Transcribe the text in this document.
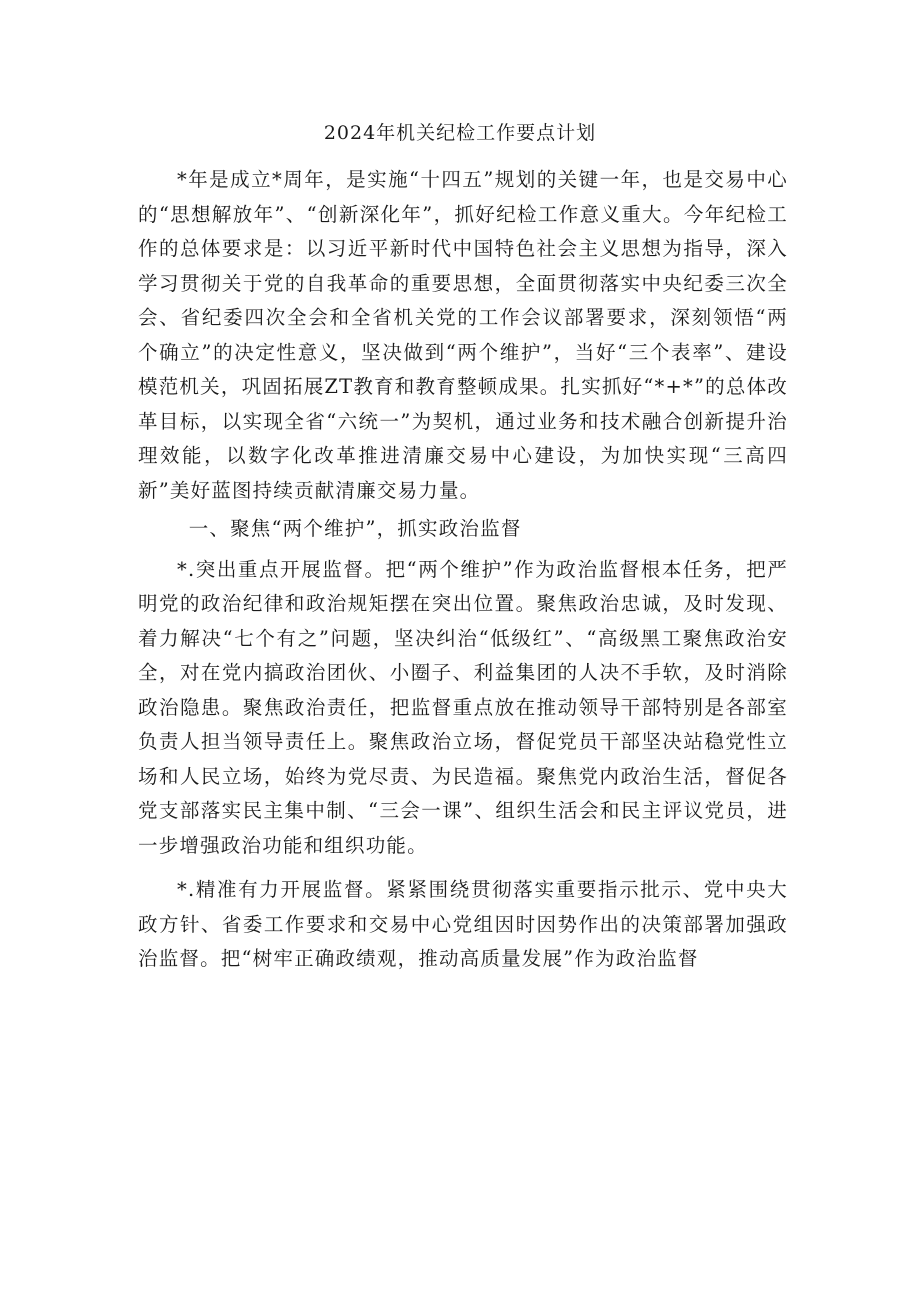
2024年机关纪检工作要点计划

*年是成立*周年，是实施“十四五”规划的关键一年，也是交易中心的“思想解放年”、“创新深化年”，抓好纪检工作意义重大。今年纪检工作的总体要求是：以习近平新时代中国特色社会主义思想为指导，深入学习贯彻关于党的自我革命的重要思想，全面贯彻落实中央纪委三次全会、省纪委四次全会和全省机关党的工作会议部署要求，深刻领悟“两个确立”的决定性意义，坚决做到“两个维护”，当好“三个表率”、建设模范机关，巩固拓展ZT教育和教育整顿成果。扎实抓好“*+*”的总体改革目标，以实现全省“六统一”为契机，通过业务和技术融合创新提升治理效能，以数字化改革推进清廉交易中心建设，为加快实现“三高四新”美好蓝图持续贡献清廉交易力量。

一、聚焦“两个维护”，抓实政治监督

*.突出重点开展监督。把“两个维护”作为政治监督根本任务，把严明党的政治纪律和政治规矩摆在突出位置。聚焦政治忠诚，及时发现、着力解决“七个有之”问题，坚决纠治“低级红”、“高级黑工聚焦政治安全，对在党内搞政治团伙、小圈子、利益集团的人决不手软，及时消除政治隐患。聚焦政治责任，把监督重点放在推动领导干部特别是各部室负责人担当领导责任上。聚焦政治立场，督促党员干部坚决站稳党性立场和人民立场，始终为党尽责、为民造福。聚焦党内政治生活，督促各党支部落实民主集中制、“三会一课”、组织生活会和民主评议党员，进一步增强政治功能和组织功能。

*.精准有力开展监督。紧紧围绕贯彻落实重要指示批示、党中央大政方针、省委工作要求和交易中心党组因时因势作出的决策部署加强政治监督。把“树牢正确政绩观，推动高质量发展”作为政治监督
